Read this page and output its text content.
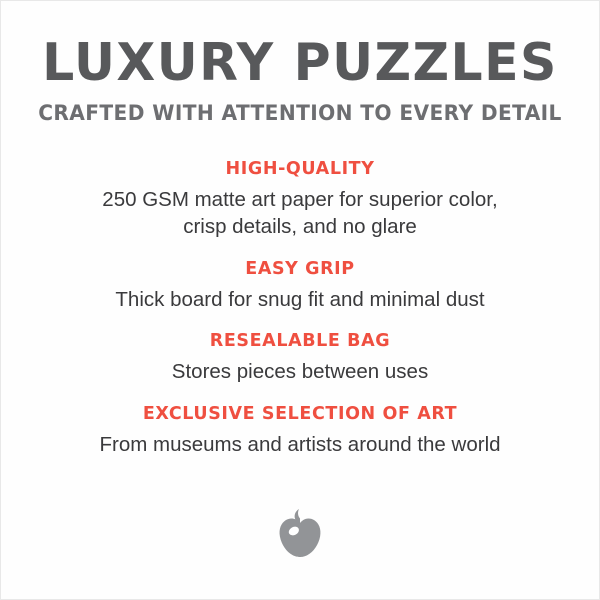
LUXURY PUZZLES
CRAFTED WITH ATTENTION TO EVERY DETAIL
HIGH-QUALITY
250 GSM matte art paper for superior color,
crisp details, and no glare
EASY GRIP
Thick board for snug fit and minimal dust
RESEALABLE BAG
Stores pieces between uses
EXCLUSIVE SELECTION OF ART
From museums and artists around the world
